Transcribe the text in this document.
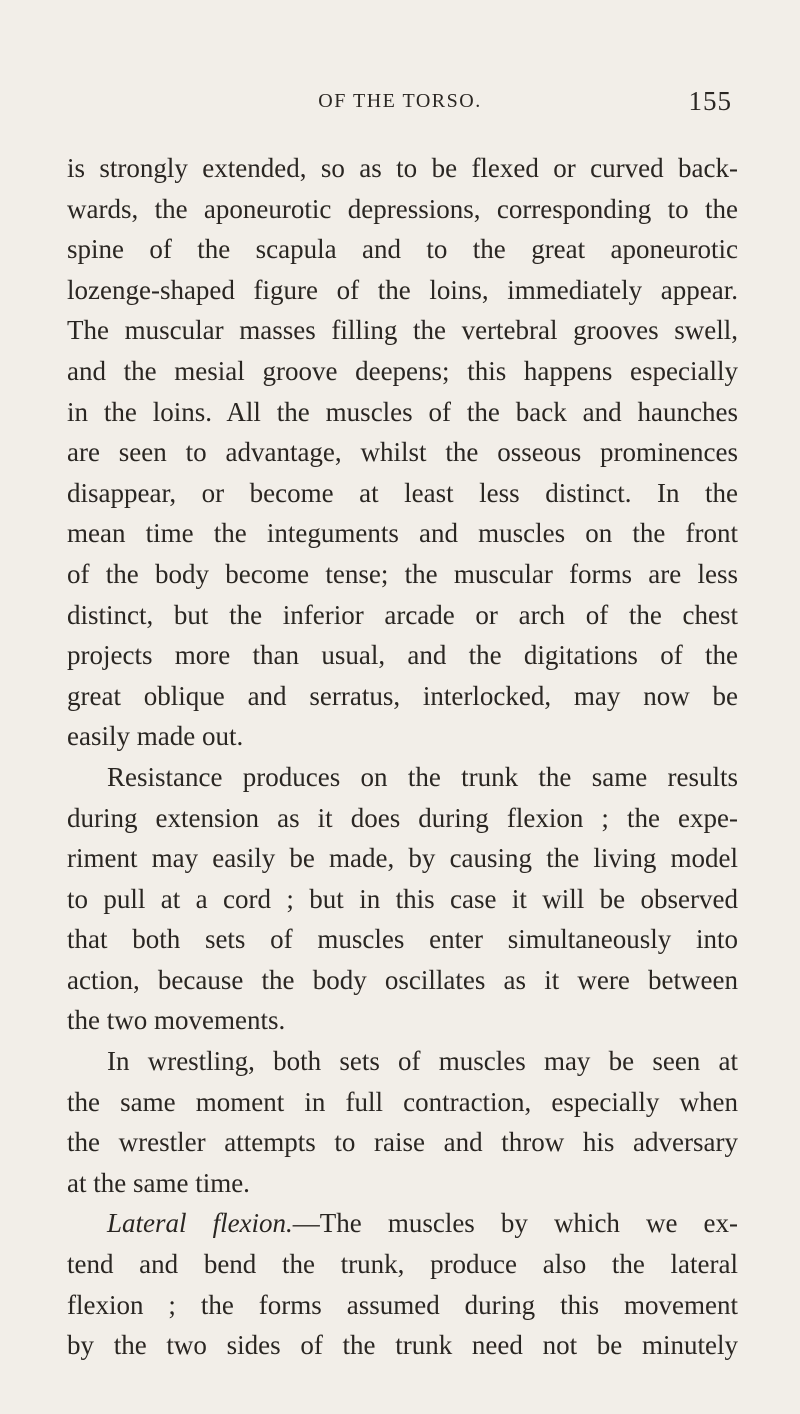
OF THE TORSO.	155
is strongly extended, so as to be flexed or curved back-
wards, the aponeurotic depressions, corresponding to the
spine of the scapula and to the great aponeurotic
lozenge-shaped figure of the loins, immediately appear.
The muscular masses filling the vertebral grooves swell,
and the mesial groove deepens; this happens especially
in the loins. All the muscles of the back and haunches
are seen to advantage, whilst the osseous prominences
disappear, or become at least less distinct. In the
mean time the integuments and muscles on the front
of the body become tense; the muscular forms are less
distinct, but the inferior arcade or arch of the chest
projects more than usual, and the digitations of the
great oblique and serratus, interlocked, may now be
easily made out.
Resistance produces on the trunk the same results
during extension as it does during flexion ; the expe-
riment may easily be made, by causing the living model
to pull at a cord ; but in this case it will be observed
that both sets of muscles enter simultaneously into
action, because the body oscillates as it were between
the two movements.
In wrestling, both sets of muscles may be seen at
the same moment in full contraction, especially when
the wrestler attempts to raise and throw his adversary
at the same time.
Lateral flexion.—The muscles by which we ex-
tend and bend the trunk, produce also the lateral
flexion ; the forms assumed during this movement
by the two sides of the trunk need not be minutely
